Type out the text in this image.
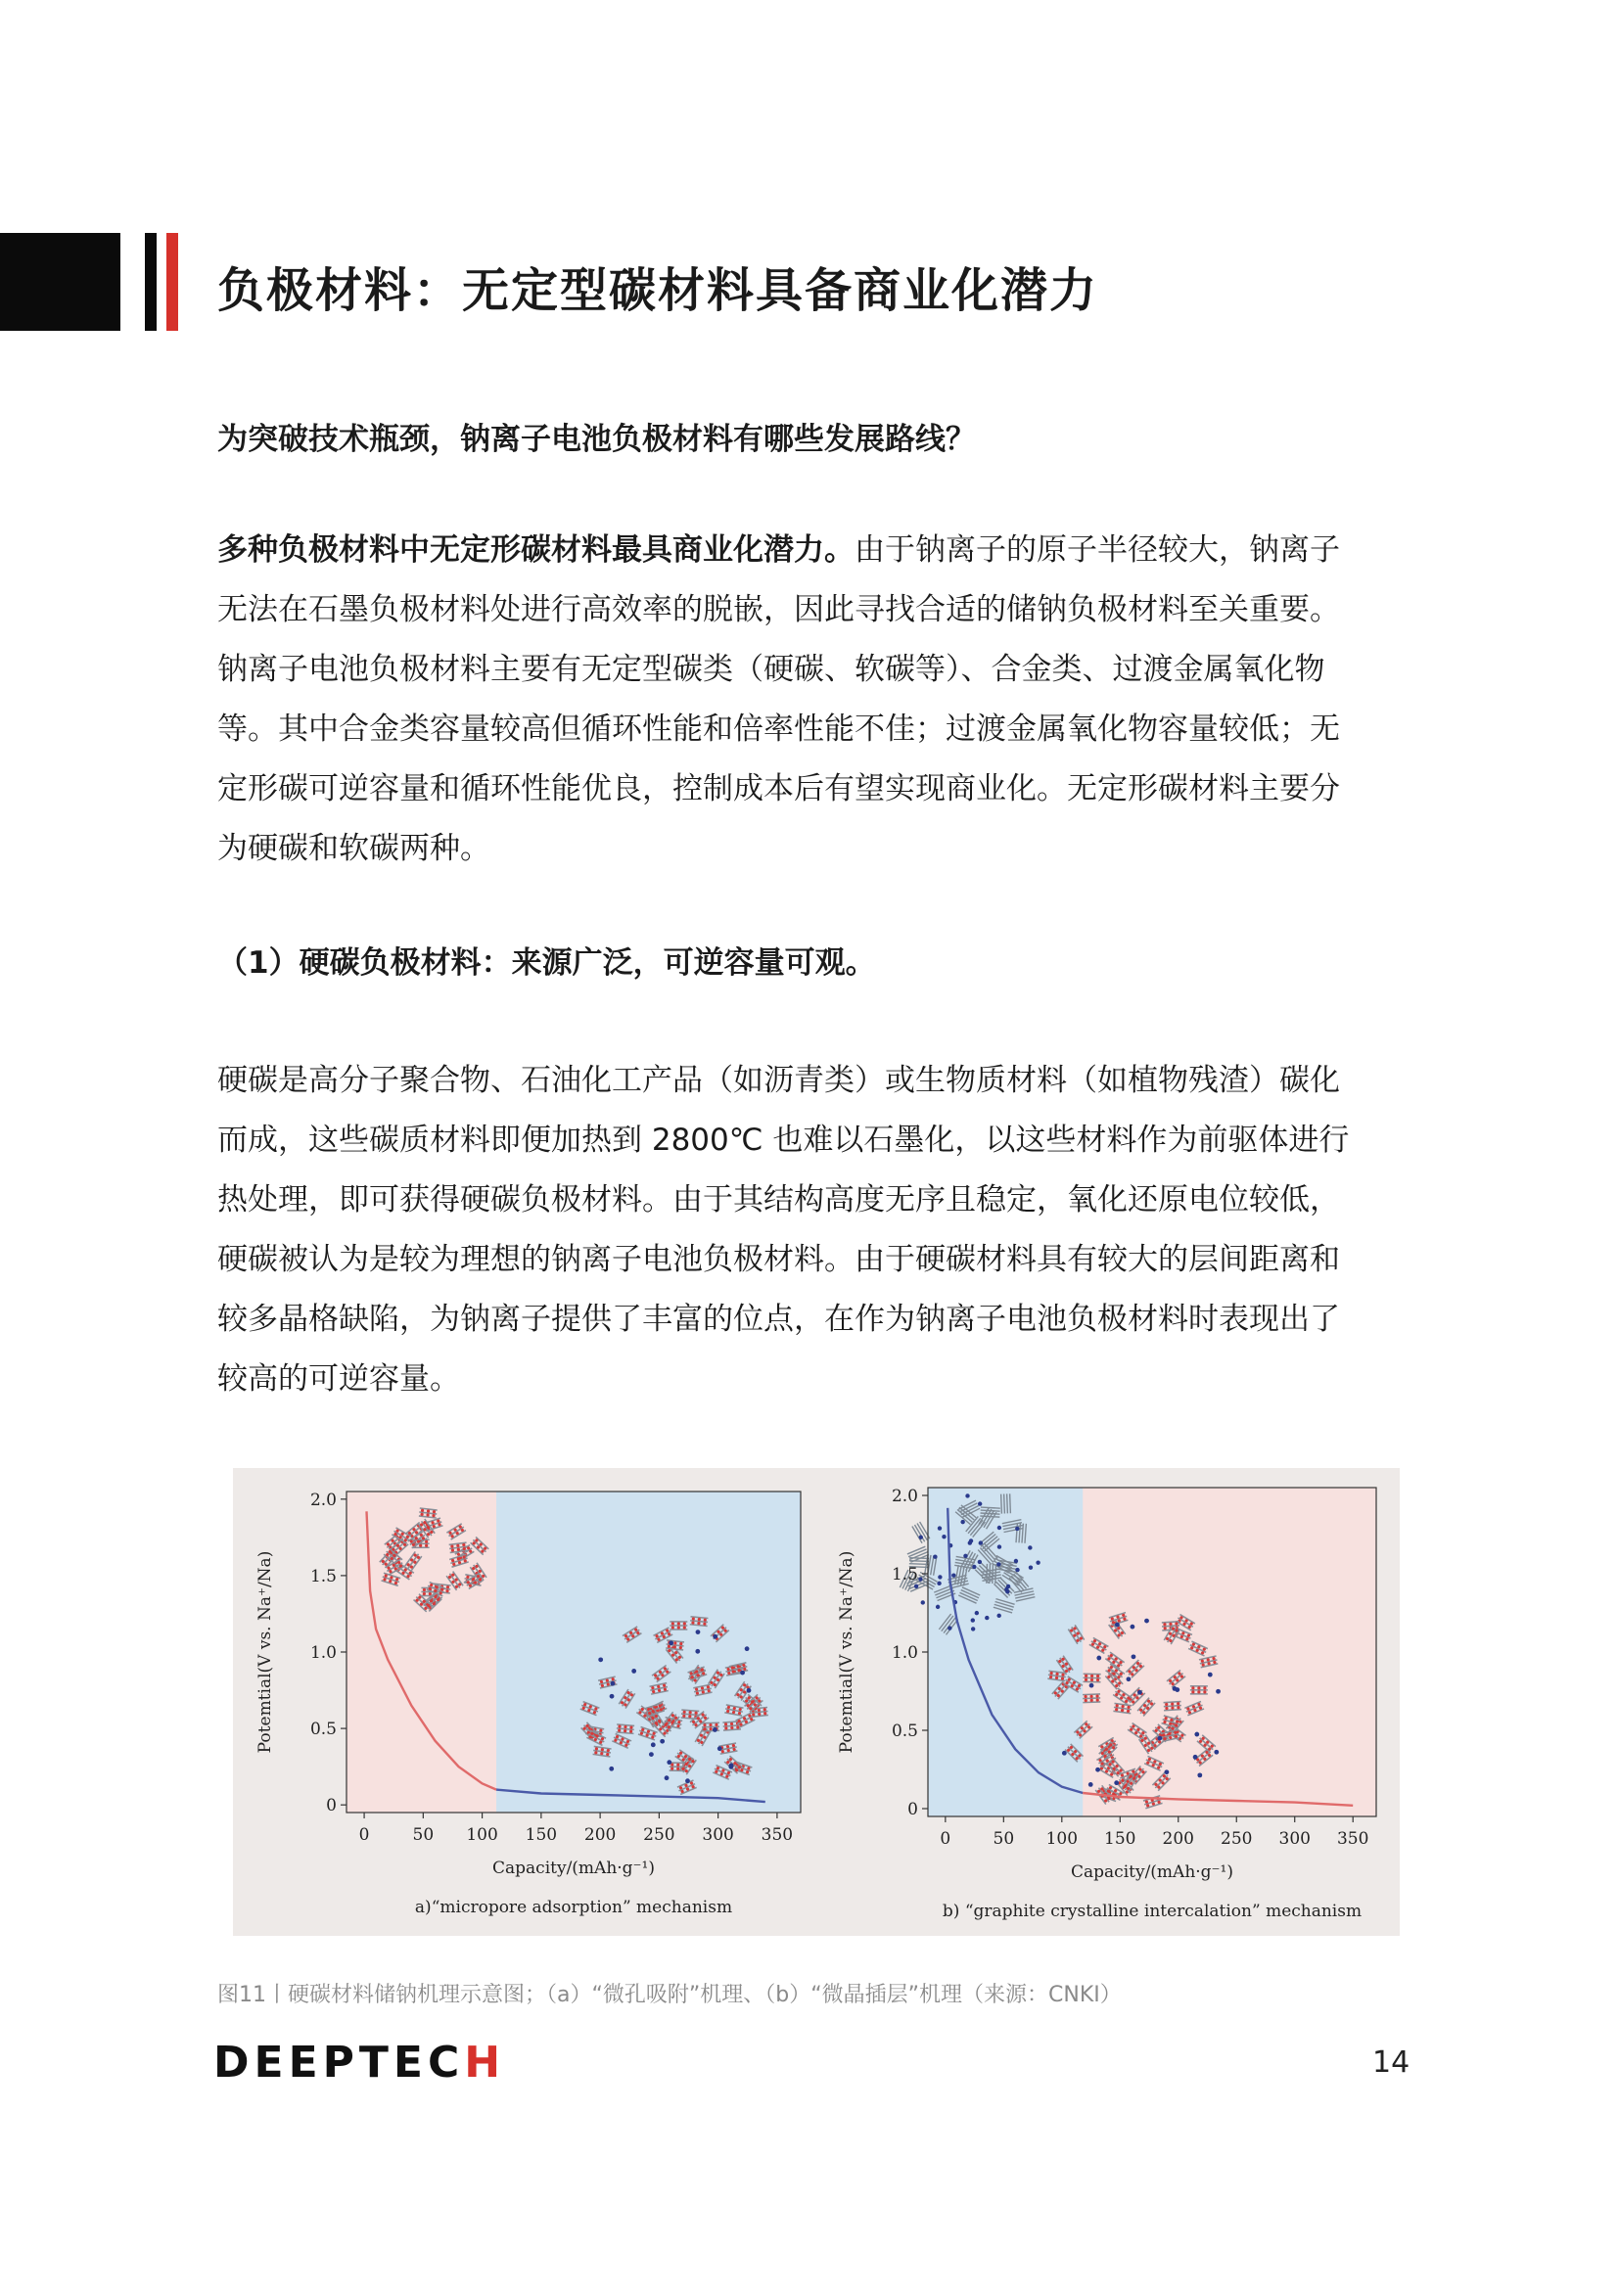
负极材料：无定型碳材料具备商业化潜力
为突破技术瓶颈，钠离子电池负极材料有哪些发展路线？
多种负极材料中无定形碳材料最具商业化潜力。由于钠离子的原子半径较大，钠离子
无法在石墨负极材料处进行高效率的脱嵌，因此寻找合适的储钠负极材料至关重要。
钠离子电池负极材料主要有无定型碳类（硬碳、软碳等）、合金类、过渡金属氧化物
等。其中合金类容量较高但循环性能和倍率性能不佳；过渡金属氧化物容量较低；无
定形碳可逆容量和循环性能优良，控制成本后有望实现商业化。无定形碳材料主要分
为硬碳和软碳两种。
（1）硬碳负极材料：来源广泛，可逆容量可观。
硬碳是高分子聚合物、石油化工产品（如沥青类）或生物质材料（如植物残渣）碳化
而成，这些碳质材料即便加热到 2800℃ 也难以石墨化，以这些材料作为前驱体进行
热处理，即可获得硬碳负极材料。由于其结构高度无序且稳定，氧化还原电位较低，
硬碳被认为是较为理想的钠离子电池负极材料。由于硬碳材料具有较大的层间距离和
较多晶格缺陷，为钠离子提供了丰富的位点，在作为钠离子电池负极材料时表现出了
较高的可逆容量。
0	50 100 150 200 250 300 350
0
0.5
1.0
1.5
2.0
Capacity/(mAh·g⁻¹)
a)“micropore adsorption” mechanism
Potemtial(V vs. Na⁺/Na)
0	50 100 150 200 250 300 350
0
0.5
1.0
1.5
2.0
Capacity/(mAh·g⁻¹)
b) “graphite crystalline intercalation” mechanism
Potemtial(V vs. Na⁺/Na)
图11丨硬碳材料储钠机理示意图；（a）“微孔吸附”机理、（b）“微晶插层”机理（来源：CNKI）
DEEPTECH	14
